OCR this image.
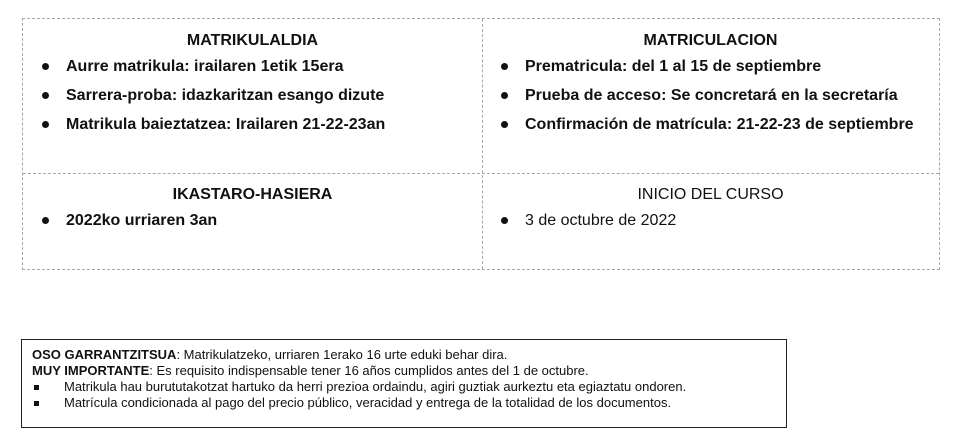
MATRIKULALDIA
Aurre matrikula: irailaren 1etik 15era
Sarrera-proba: idazkaritzan esango dizute
Matrikula baieztatzea: Irailaren 21-22-23an
MATRICULACION
Prematricula: del 1 al 15 de septiembre
Prueba de acceso: Se concretará en la secretaría
Confirmación de matrícula: 21-22-23 de septiembre
IKASTARO-HASIERA
2022ko urriaren 3an
INICIO DEL CURSO
3 de octubre de 2022
OSO GARRANTZITSUA: Matrikulatzeko, urriaren 1erako 16 urte eduki behar dira.
MUY IMPORTANTE: Es requisito indispensable tener 16 años cumplidos antes del 1 de octubre.
Matrikula hau burututakotzat hartuko da herri prezioa ordaindu, agiri guztiak aurkeztu eta egiaztatu ondoren.
Matrícula condicionada al pago del precio público, veracidad y entrega de la totalidad de los documentos.
